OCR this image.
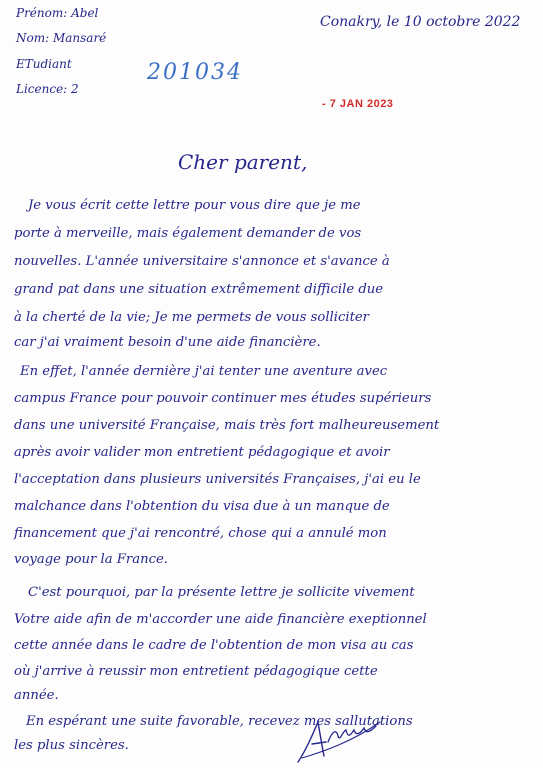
Prénom: Abel
Nom: Mansaré
ETudiant
Licence: 2
201034
Conakry, le 10 octobre 2022
- 7 JAN 2023
Cher parent,
Je vous écrit cette lettre pour vous dire que je me
porte à merveille, mais également demander de vos
nouvelles. L'année universitaire s'annonce et s'avance à
grand pat dans une situation extrêmement difficile due
à la cherté de la vie; Je me permets de vous solliciter
car j'ai vraiment besoin d'une aide financière.
En effet, l'année dernière j'ai tenter une aventure avec
campus France pour pouvoir continuer mes études supérieurs
dans une université Française, mais très fort malheureusement
après avoir valider mon entretient pédagogique et avoir
l'acceptation dans plusieurs universités Françaises, j'ai eu le
malchance dans l'obtention du visa due à un manque de
financement que j'ai rencontré, chose qui a annulé mon
voyage pour la France.
C'est pourquoi, par la présente lettre je sollicite vivement
Votre aide afin de m'accorder une aide financière exeptionnel
cette année dans le cadre de l'obtention de mon visa au cas
où j'arrive à reussir mon entretient pédagogique cette
année.
En espérant une suite favorable, recevez mes sallutations
les plus sincères.
